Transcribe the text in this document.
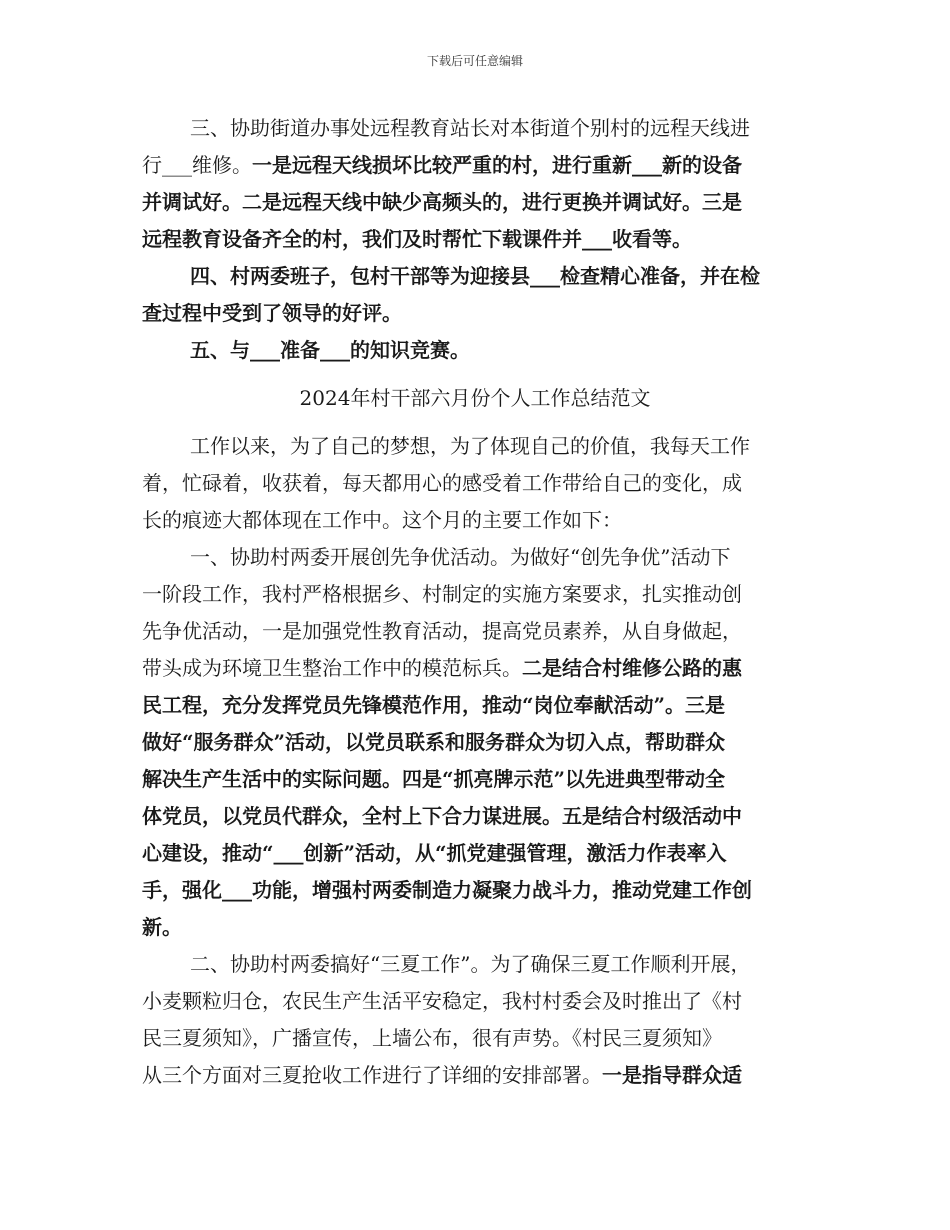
下载后可任意编辑
三、协助街道办事处远程教育站长对本街道个别村的远程天线进
行___维修。一是远程天线损坏比较严重的村，进行重新___新的设备
并调试好。二是远程天线中缺少高频头的，进行更换并调试好。三是
远程教育设备齐全的村，我们及时帮忙下载课件并___收看等。
四、村两委班子，包村干部等为迎接县___检查精心准备，并在检
查过程中受到了领导的好评。
五、与___准备___的知识竞赛。
2024年村干部六月份个人工作总结范文
工作以来，为了自己的梦想，为了体现自己的价值，我每天工作
着，忙碌着，收获着，每天都用心的感受着工作带给自己的变化，成
长的痕迹大都体现在工作中。这个月的主要工作如下：
一、协助村两委开展创先争优活动。为做好“创先争优”活动下
一阶段工作，我村严格根据乡、村制定的实施方案要求，扎实推动创
先争优活动，一是加强党性教育活动，提高党员素养，从自身做起，
带头成为环境卫生整治工作中的模范标兵。二是结合村维修公路的惠
民工程，充分发挥党员先锋模范作用，推动“岗位奉献活动”。三是
做好“服务群众”活动，以党员联系和服务群众为切入点，帮助群众
解决生产生活中的实际问题。四是“抓亮牌示范”以先进典型带动全
体党员，以党员代群众，全村上下合力谋进展。五是结合村级活动中
心建设，推动“___创新”活动，从“抓党建强管理，激活力作表率入
手，强化___功能，增强村两委制造力凝聚力战斗力，推动党建工作创
新。
二、协助村两委搞好“三夏工作”。为了确保三夏工作顺利开展，
小麦颗粒归仓，农民生产生活平安稳定，我村村委会及时推出了《村
民三夏须知》，广播宣传，上墙公布，很有声势。《村民三夏须知》
从三个方面对三夏抢收工作进行了详细的安排部署。一是指导群众适
